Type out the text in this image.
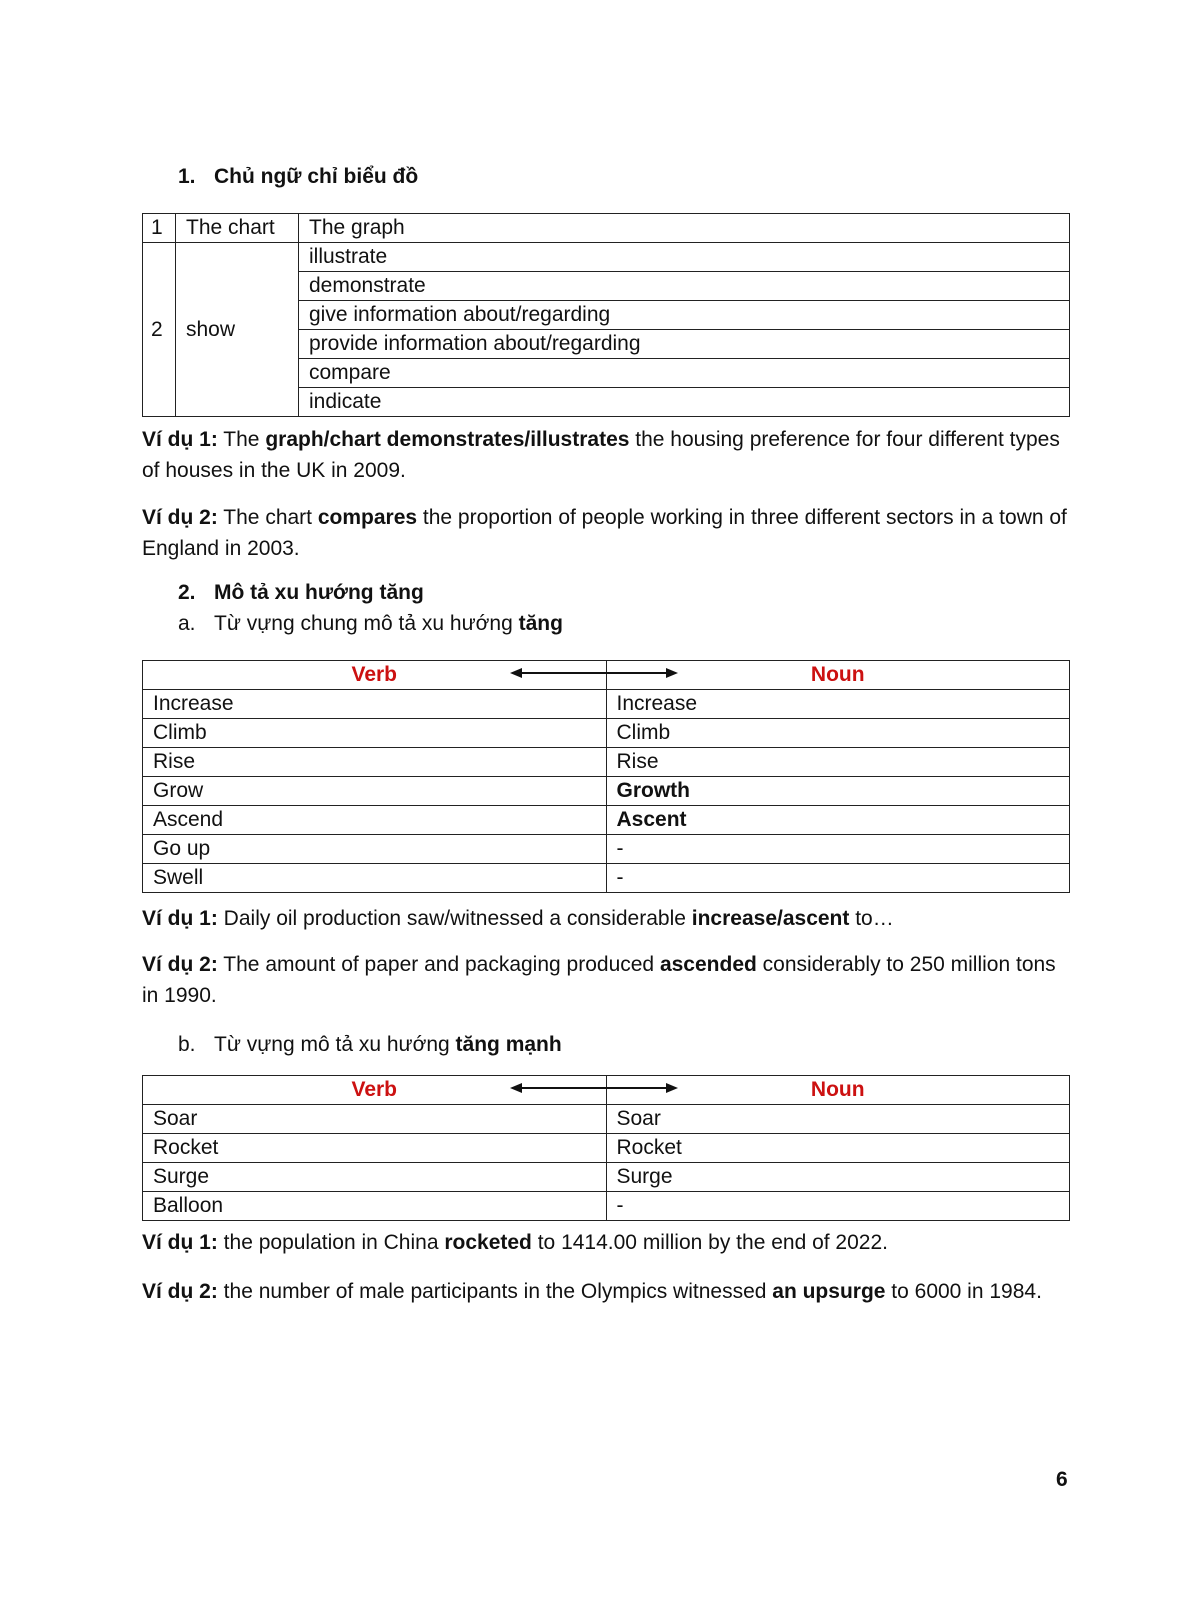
1. Chủ ngữ chỉ biểu đồ
1	The chart	The graph
2	show	illustrate
		demonstrate
		give information about/regarding
		provide information about/regarding
		compare
		indicate
Ví dụ 1: The graph/chart demonstrates/illustrates the housing preference for four different types of houses in the UK in 2009.
Ví dụ 2: The chart compares the proportion of people working in three different sectors in a town of England in 2003.
2. Mô tả xu hướng tăng
a. Từ vựng chung mô tả xu hướng tăng
Verb	Noun
Increase	Increase
Climb	Climb
Rise	Rise
Grow	Growth
Ascend	Ascent
Go up	-
Swell	-
Ví dụ 1: Daily oil production saw/witnessed a considerable increase/ascent to…
Ví dụ 2: The amount of paper and packaging produced ascended considerably to 250 million tons in 1990.
b. Từ vựng mô tả xu hướng tăng mạnh
Verb	Noun
Soar	Soar
Rocket	Rocket
Surge	Surge
Balloon	-
Ví dụ 1: the population in China rocketed to 1414.00 million by the end of 2022.
Ví dụ 2: the number of male participants in the Olympics witnessed an upsurge to 6000 in 1984.
6
